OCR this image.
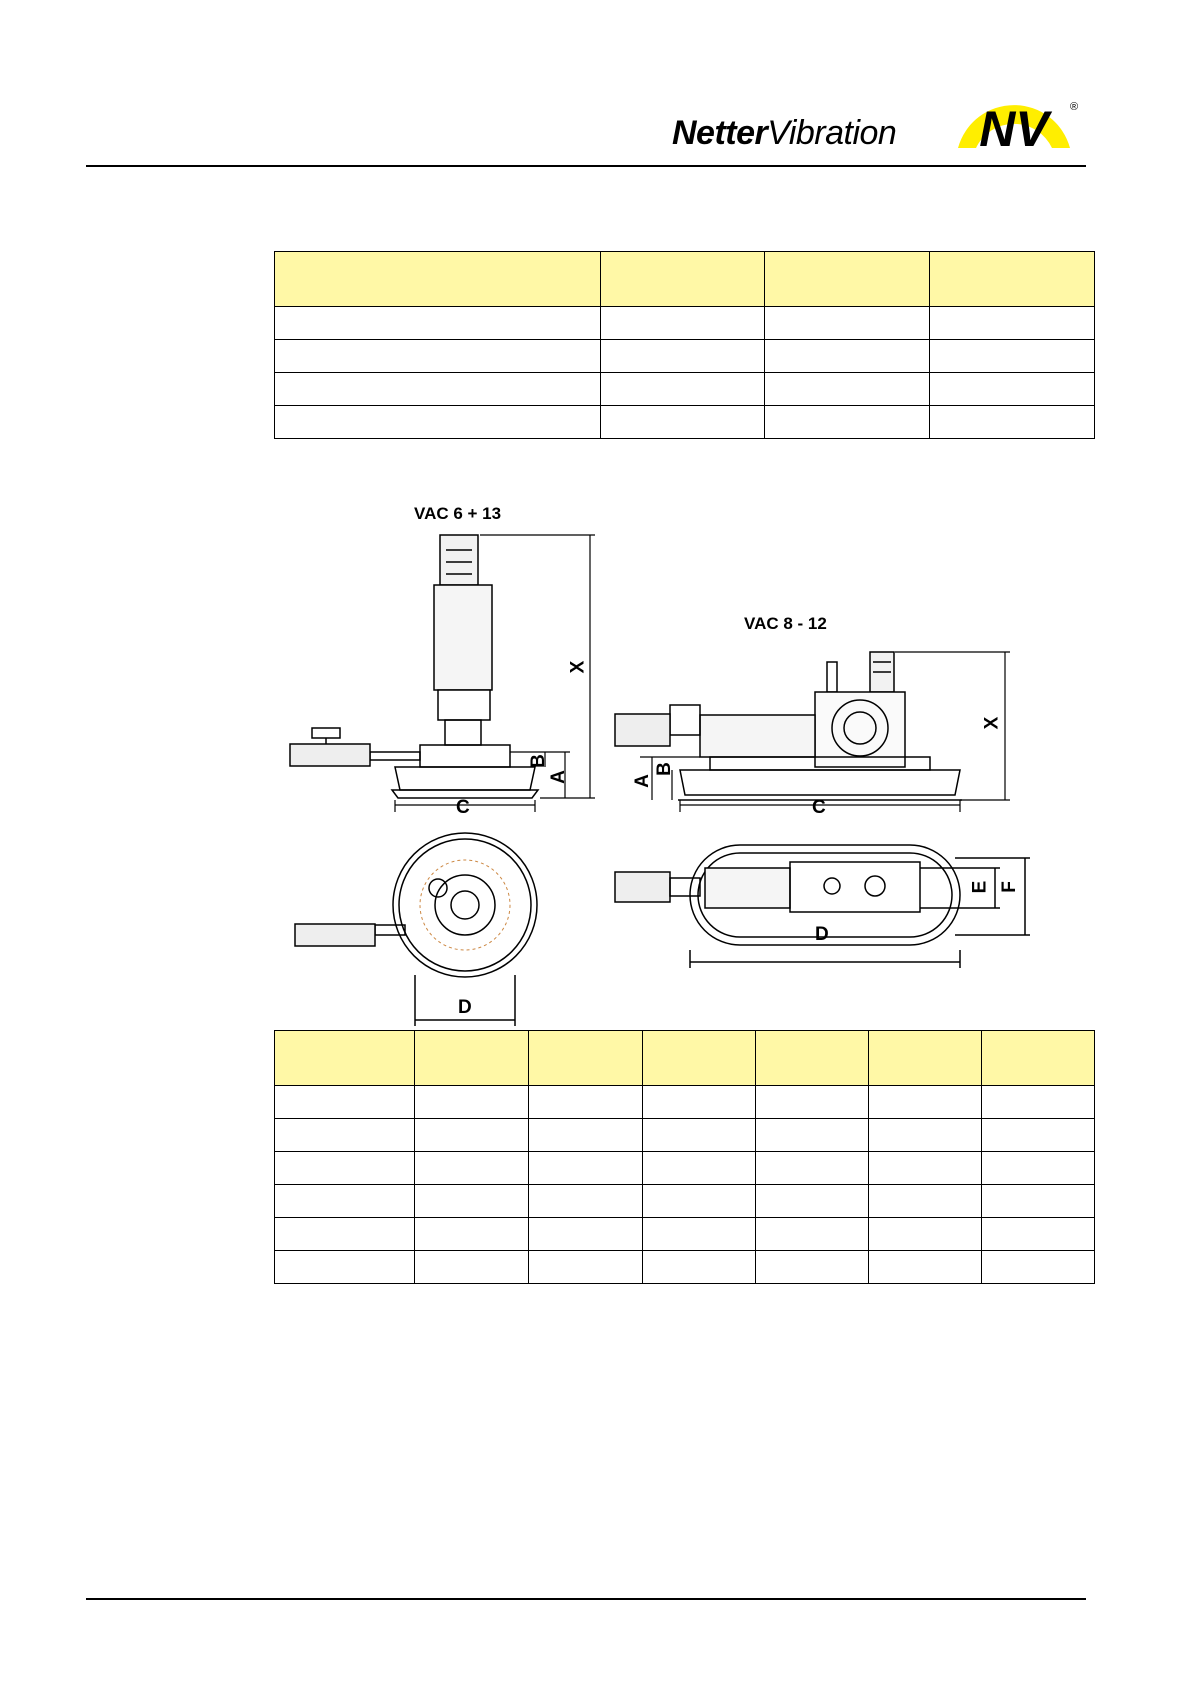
NetterVibration NV	®

VAC 6 + 13
VAC 8 - 12
X
B
A
C
D
X
A
B
C
E F
D
